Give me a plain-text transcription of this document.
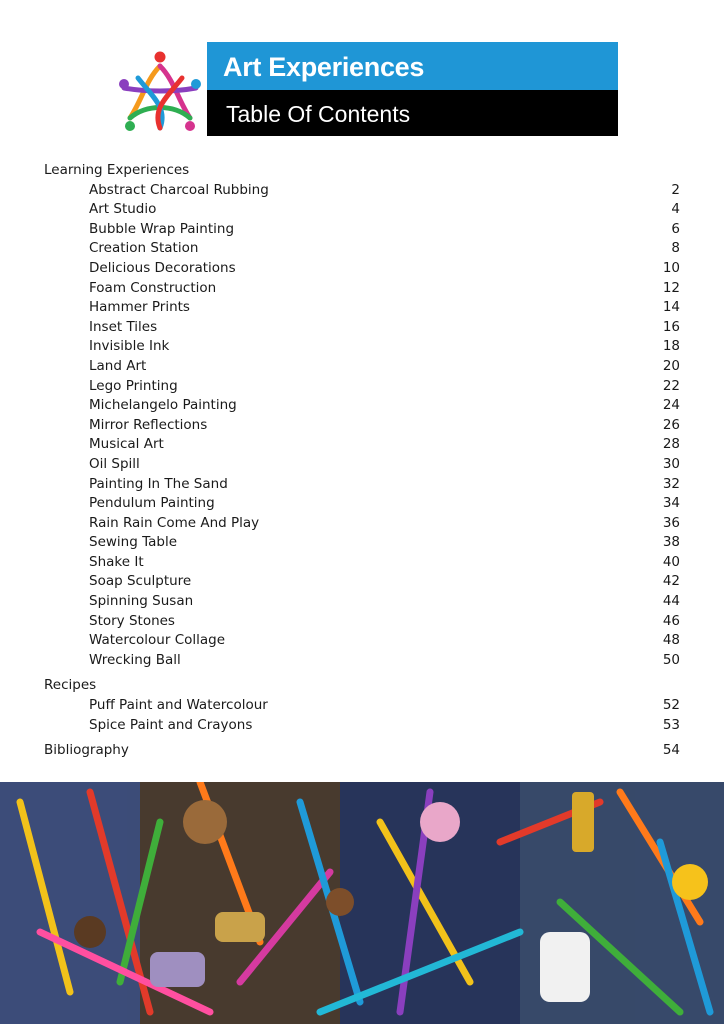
Art Experiences
Table Of Contents
Learning Experiences
Abstract Charcoal Rubbing	2
Art Studio	4
Bubble Wrap Painting	6
Creation Station	8
Delicious Decorations	10
Foam Construction	12
Hammer Prints	14
Inset Tiles	16
Invisible Ink	18
Land Art	20
Lego Printing	22
Michelangelo Painting	24
Mirror Reflections	26
Musical Art	28
Oil Spill	30
Painting In The Sand	32
Pendulum Painting	34
Rain Rain Come And Play	36
Sewing Table	38
Shake It	40
Soap Sculpture	42
Spinning Susan	44
Story Stones	46
Watercolour Collage	48
Wrecking Ball	50
Recipes
Puff Paint and Watercolour	52
Spice Paint and Crayons	53
Bibliography	54
